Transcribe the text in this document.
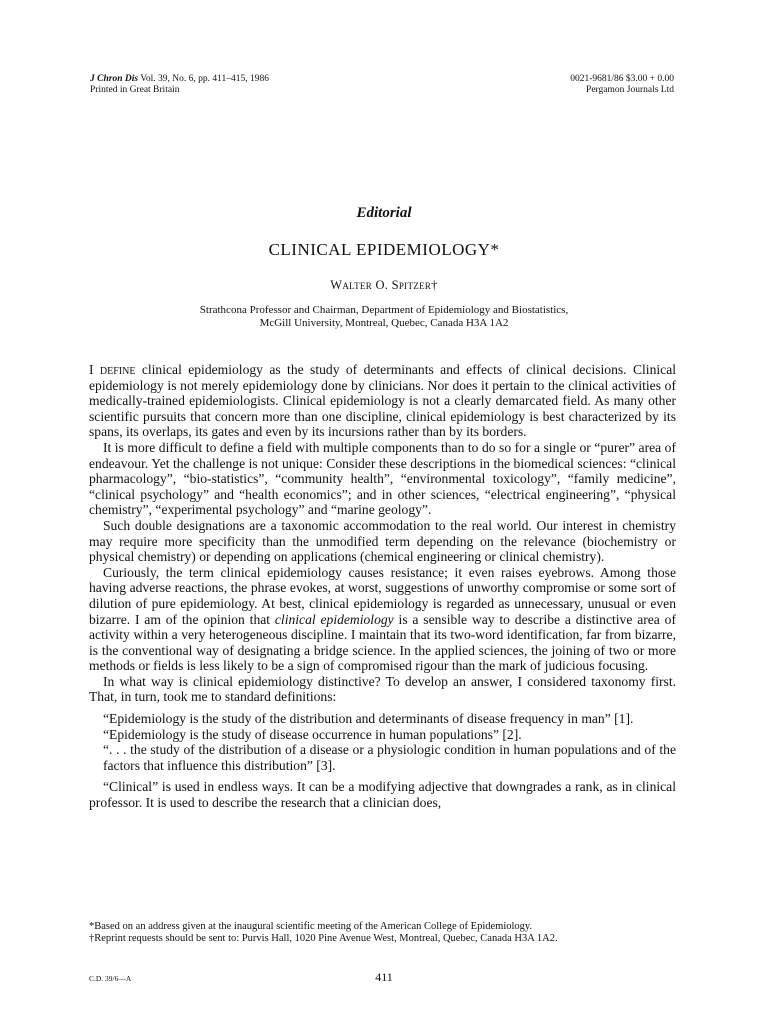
J Chron Dis Vol. 39, No. 6, pp. 411–415, 1986
Printed in Great Britain
0021-9681/86 $3.00 + 0.00
Pergamon Journals Ltd
Editorial
CLINICAL EPIDEMIOLOGY*
Walter O. Spitzer†
Strathcona Professor and Chairman, Department of Epidemiology and Biostatistics,
McGill University, Montreal, Quebec, Canada H3A 1A2

I define clinical epidemiology as the study of determinants and effects of clinical decisions. Clinical epidemiology is not merely epidemiology done by clinicians. Nor does it pertain to the clinical activities of medically-trained epidemiologists. Clinical epidemiology is not a clearly demarcated field. As many other scientific pursuits that concern more than one discipline, clinical epidemiology is best characterized by its spans, its overlaps, its gates and even by its incursions rather than by its borders.

It is more difficult to define a field with multiple components than to do so for a single or “purer” area of endeavour. Yet the challenge is not unique: Consider these descriptions in the biomedical sciences: “clinical pharmacology”, “bio-statistics”, “community health”, “environmental toxicology”, “family medicine”, “clinical psychology” and “health economics”; and in other sciences, “electrical engineering”, “physical chemistry”, “experimental psychology” and “marine geology”.

Such double designations are a taxonomic accommodation to the real world. Our interest in chemistry may require more specificity than the unmodified term depending on the relevance (biochemistry or physical chemistry) or depending on applications (chemical engineering or clinical chemistry).

Curiously, the term clinical epidemiology causes resistance; it even raises eyebrows. Among those having adverse reactions, the phrase evokes, at worst, suggestions of unworthy compromise or some sort of dilution of pure epidemiology. At best, clinical epidemiology is regarded as unnecessary, unusual or even bizarre. I am of the opinion that clinical epidemiology is a sensible way to describe a distinctive area of activity within a very heterogeneous discipline. I maintain that its two-word identification, far from bizarre, is the conventional way of designating a bridge science. In the applied sciences, the joining of two or more methods or fields is less likely to be a sign of compromised rigour than the mark of judicious focusing.

In what way is clinical epidemiology distinctive? To develop an answer, I considered taxonomy first. That, in turn, took me to standard definitions:

“Epidemiology is the study of the distribution and determinants of disease frequency in man” [1].
“Epidemiology is the study of disease occurrence in human populations” [2].
“. . . the study of the distribution of a disease or a physiologic condition in human populations and of the factors that influence this distribution” [3].

“Clinical” is used in endless ways. It can be a modifying adjective that downgrades a rank, as in clinical professor. It is used to describe the research that a clinician does,

*Based on an address given at the inaugural scientific meeting of the American College of Epidemiology.
†Reprint requests should be sent to: Purvis Hall, 1020 Pine Avenue West, Montreal, Quebec, Canada H3A 1A2.
C.D. 39/6—A	411
